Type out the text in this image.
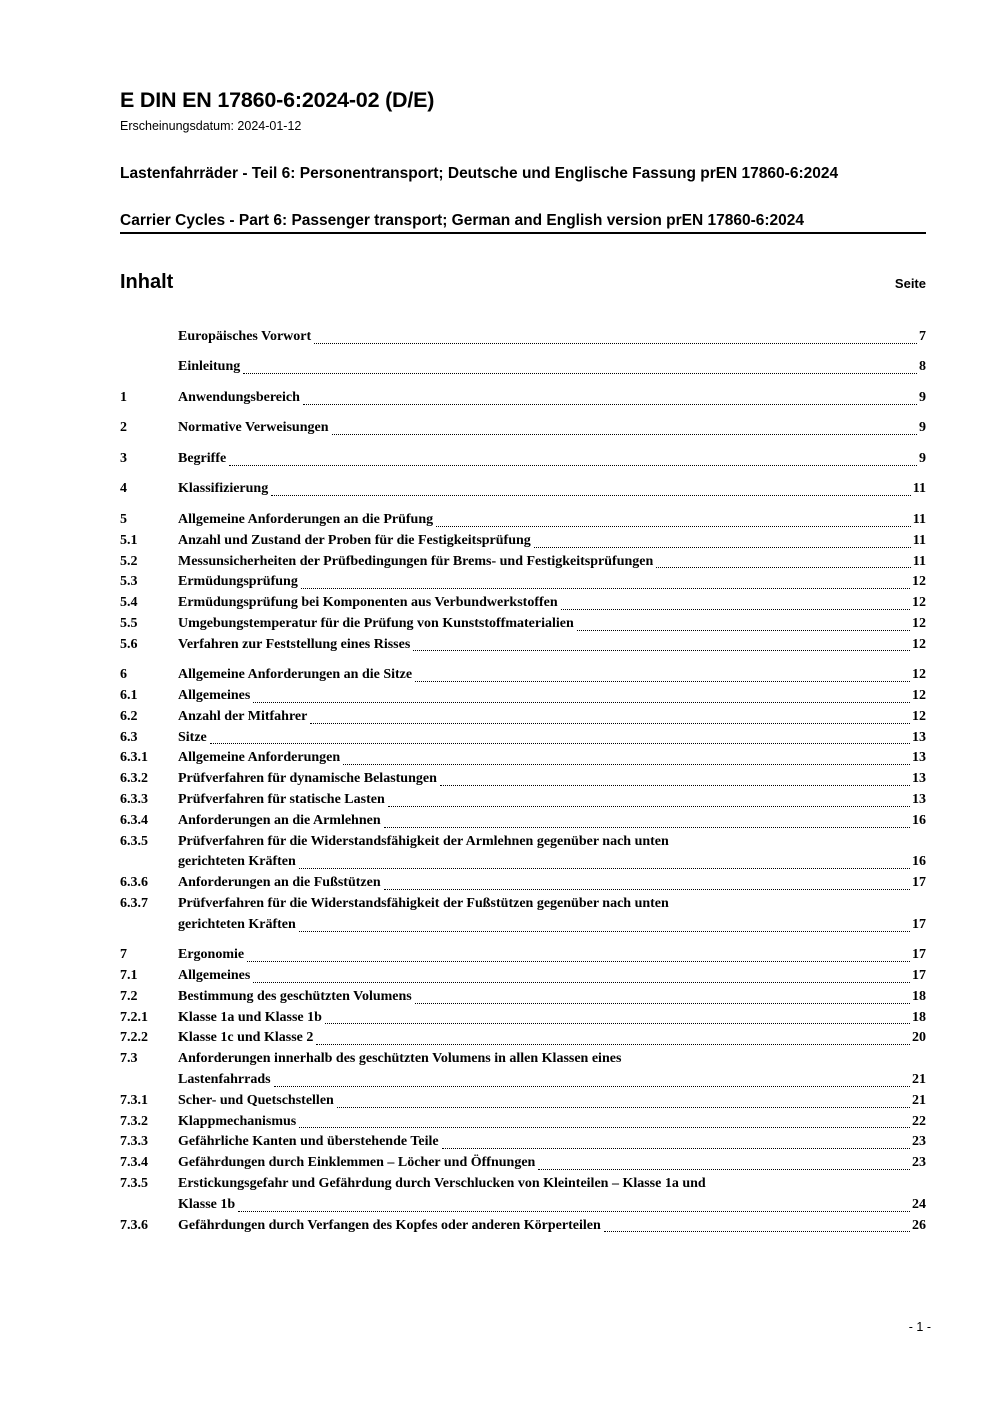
E DIN EN 17860-6:2024-02 (D/E)
Erscheinungsdatum: 2024-01-12
Lastenfahrräder - Teil 6: Personentransport; Deutsche und Englische Fassung prEN 17860-6:2024
Carrier Cycles - Part 6: Passenger transport; German and English version prEN 17860-6:2024
Inhalt	Seite
Europäisches Vorwort	7
Einleitung	8
1	Anwendungsbereich	9
2	Normative Verweisungen	9
3	Begriffe	9
4	Klassifizierung	11
5	Allgemeine Anforderungen an die Prüfung	11
5.1	Anzahl und Zustand der Proben für die Festigkeitsprüfung	11
5.2	Messunsicherheiten der Prüfbedingungen für Brems- und Festigkeitsprüfungen	11
5.3	Ermüdungsprüfung	12
5.4	Ermüdungsprüfung bei Komponenten aus Verbundwerkstoffen	12
5.5	Umgebungstemperatur für die Prüfung von Kunststoffmaterialien	12
5.6	Verfahren zur Feststellung eines Risses	12
6	Allgemeine Anforderungen an die Sitze	12
6.1	Allgemeines	12
6.2	Anzahl der Mitfahrer	12
6.3	Sitze	13
6.3.1	Allgemeine Anforderungen	13
6.3.2	Prüfverfahren für dynamische Belastungen	13
6.3.3	Prüfverfahren für statische Lasten	13
6.3.4	Anforderungen an die Armlehnen	16
6.3.5	Prüfverfahren für die Widerstandsfähigkeit der Armlehnen gegenüber nach unten
gerichteten Kräften	16
6.3.6	Anforderungen an die Fußstützen	17
6.3.7	Prüfverfahren für die Widerstandsfähigkeit der Fußstützen gegenüber nach unten
gerichteten Kräften	17
7	Ergonomie	17
7.1	Allgemeines	17
7.2	Bestimmung des geschützten Volumens	18
7.2.1	Klasse 1a und Klasse 1b	18
7.2.2	Klasse 1c und Klasse 2	20
7.3	Anforderungen innerhalb des geschützten Volumens in allen Klassen eines
Lastenfahrrads	21
7.3.1	Scher- und Quetschstellen	21
7.3.2	Klappmechanismus	22
7.3.3	Gefährliche Kanten und überstehende Teile	23
7.3.4	Gefährdungen durch Einklemmen – Löcher und Öffnungen	23
7.3.5	Erstickungsgefahr und Gefährdung durch Verschlucken von Kleinteilen – Klasse 1a und
Klasse 1b	24
7.3.6	Gefährdungen durch Verfangen des Kopfes oder anderen Körperteilen	26
- 1 -
